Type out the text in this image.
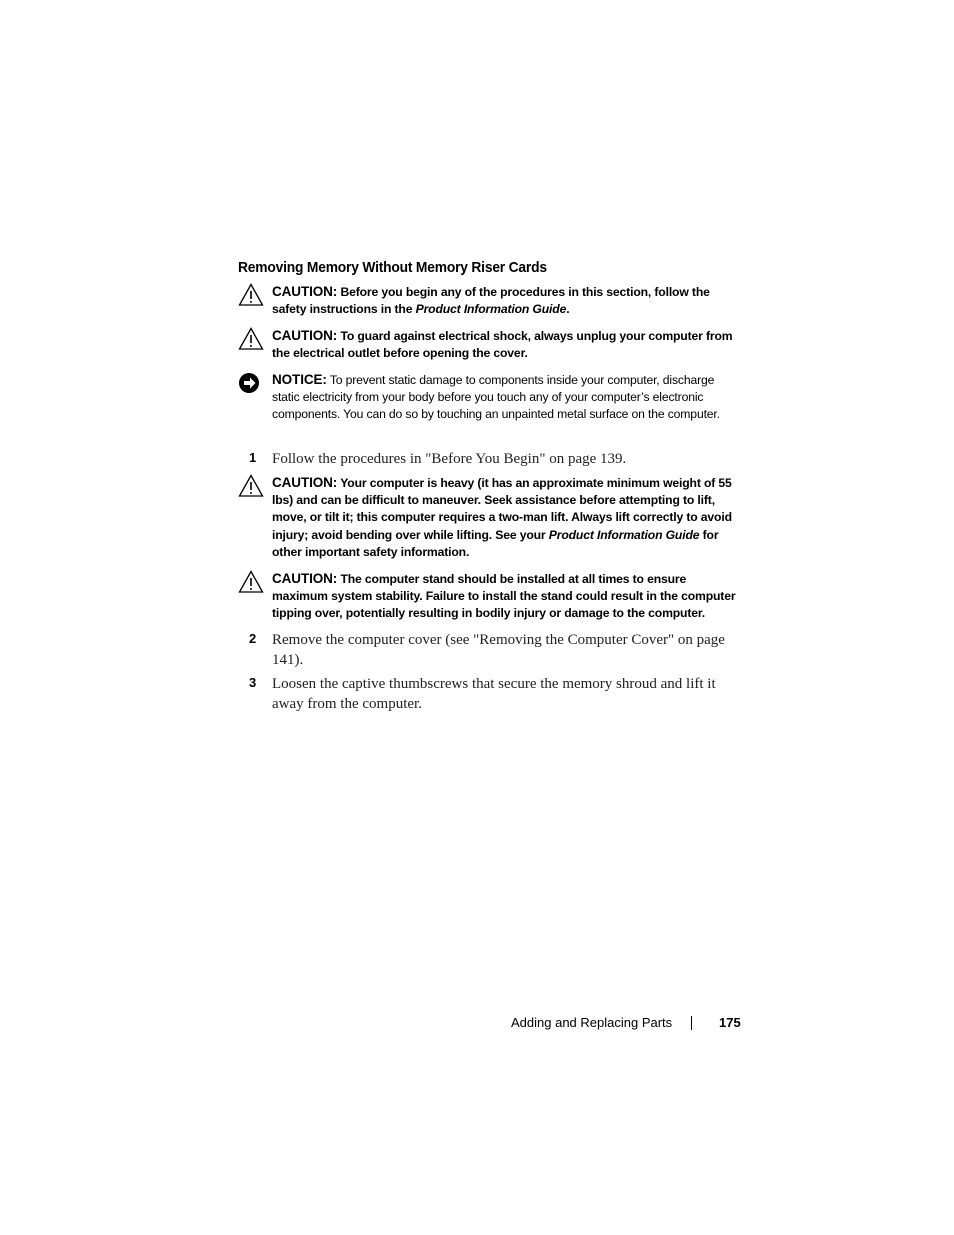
Removing Memory Without Memory Riser Cards
CAUTION: Before you begin any of the procedures in this section, follow the safety instructions in the Product Information Guide.
CAUTION: To guard against electrical shock, always unplug your computer from the electrical outlet before opening the cover.
NOTICE: To prevent static damage to components inside your computer, discharge static electricity from your body before you touch any of your computer’s electronic components. You can do so by touching an unpainted metal surface on the computer.
1 Follow the procedures in "Before You Begin" on page 139.
CAUTION: Your computer is heavy (it has an approximate minimum weight of 55 lbs) and can be difficult to maneuver. Seek assistance before attempting to lift, move, or tilt it; this computer requires a two-man lift. Always lift correctly to avoid injury; avoid bending over while lifting. See your Product Information Guide for other important safety information.
CAUTION: The computer stand should be installed at all times to ensure maximum system stability. Failure to install the stand could result in the computer tipping over, potentially resulting in bodily injury or damage to the computer.
2 Remove the computer cover (see "Removing the Computer Cover" on page 141).
3 Loosen the captive thumbscrews that secure the memory shroud and lift it away from the computer.
Adding and Replacing Parts	175
